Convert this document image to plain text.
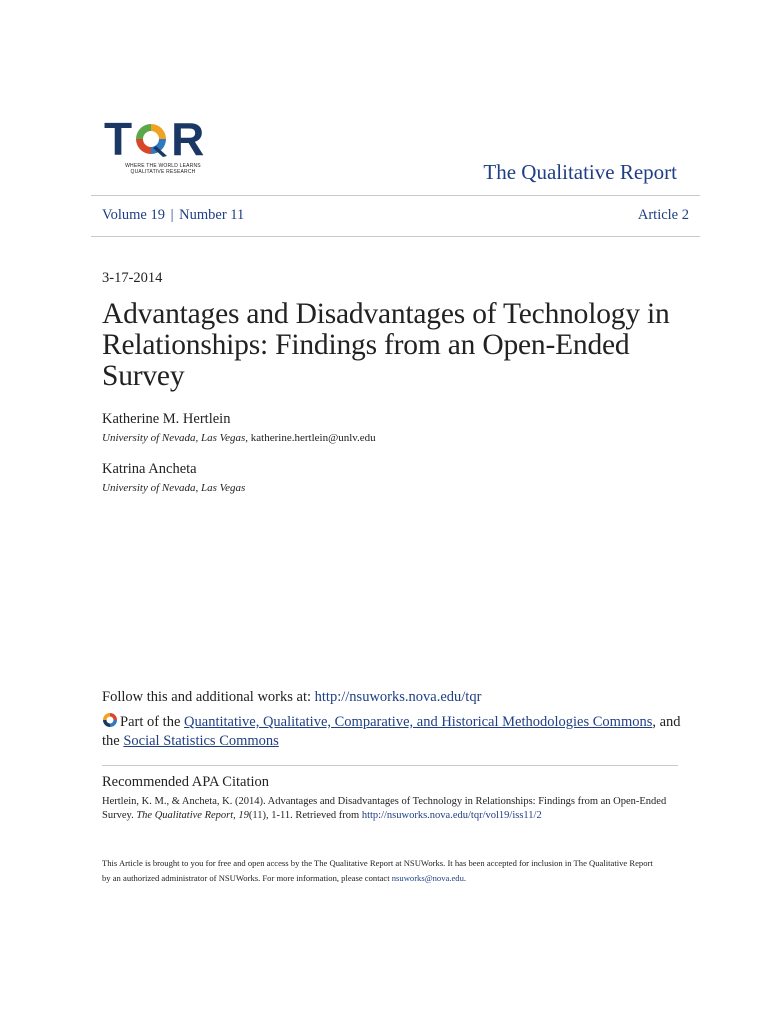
T R
WHERE THE WORLD LEARNS
QUALITATIVE RESEARCH	The Qualitative Report
Volume 19 | Number 11	Article 2
3-17-2014
Advantages and Disadvantages of Technology in Relationships: Findings from an Open-Ended Survey
Katherine M. Hertlein
University of Nevada, Las Vegas, katherine.hertlein@unlv.edu
Katrina Ancheta
University of Nevada, Las Vegas
Follow this and additional works at: http://nsuworks.nova.edu/tqr
Part of the Quantitative, Qualitative, Comparative, and Historical Methodologies Commons, and
the Social Statistics Commons
Recommended APA Citation
Hertlein, K. M., & Ancheta, K. (2014). Advantages and Disadvantages of Technology in Relationships: Findings from an Open-Ended Survey. The Qualitative Report, 19(11), 1-11. Retrieved from http://nsuworks.nova.edu/tqr/vol19/iss11/2
This Article is brought to you for free and open access by the The Qualitative Report at NSUWorks. It has been accepted for inclusion in The Qualitative Report by an authorized administrator of NSUWorks. For more information, please contact nsuworks@nova.edu.
